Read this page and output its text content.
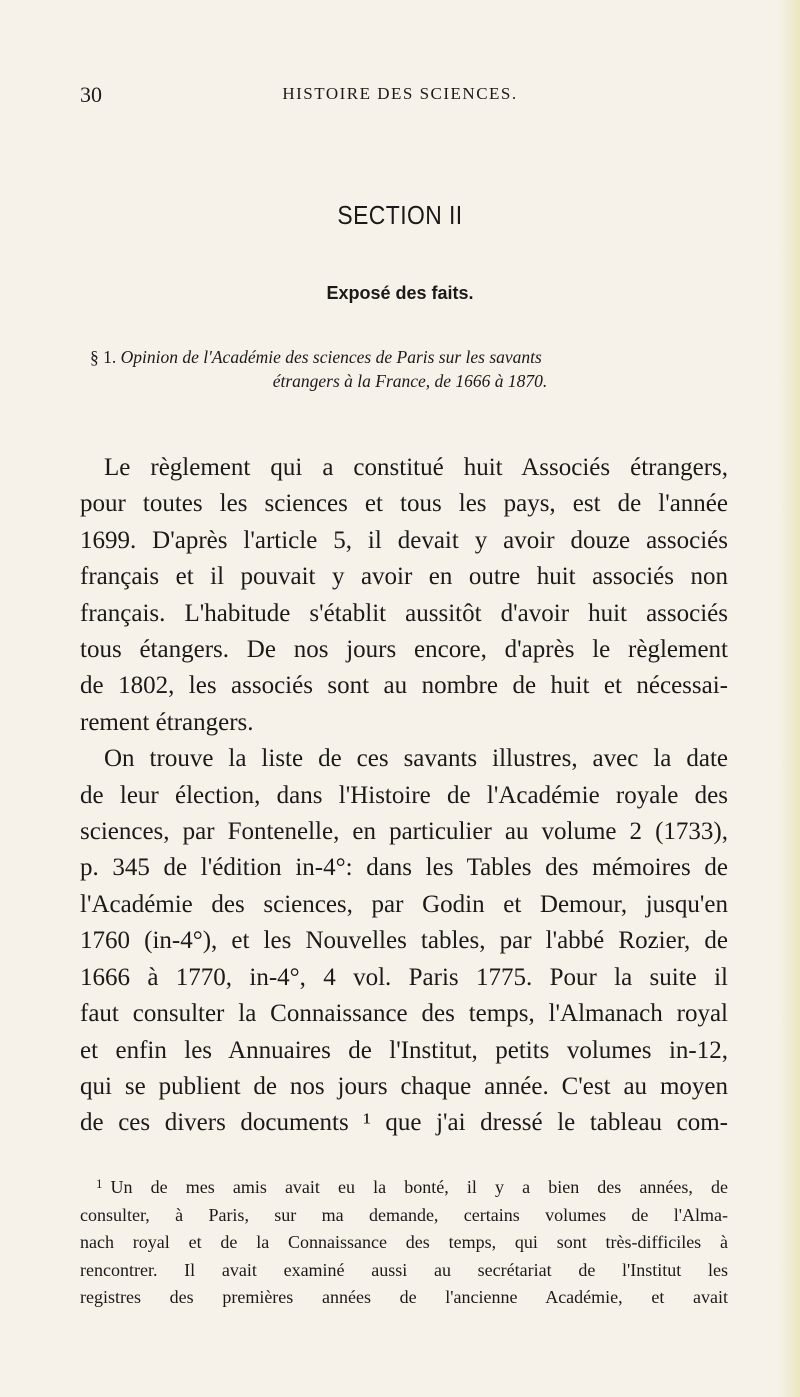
30	HISTOIRE DES SCIENCES.
SECTION II
Exposé des faits.
§ 1. Opinion de l'Académie des sciences de Paris sur les savants
étrangers à la France, de 1666 à 1870.
Le règlement qui a constitué huit Associés étrangers,
pour toutes les sciences et tous les pays, est de l'année
1699. D'après l'article 5, il devait y avoir douze associés
français et il pouvait y avoir en outre huit associés non
français. L'habitude s'établit aussitôt d'avoir huit associés
tous étangers. De nos jours encore, d'après le règlement
de 1802, les associés sont au nombre de huit et nécessai-
rement étrangers.
On trouve la liste de ces savants illustres, avec la date
de leur élection, dans l'Histoire de l'Académie royale des
sciences, par Fontenelle, en particulier au volume 2 (1733),
p. 345 de l'édition in-4°: dans les Tables des mémoires de
l'Académie des sciences, par Godin et Demour, jusqu'en
1760 (in-4°), et les Nouvelles tables, par l'abbé Rozier, de
1666 à 1770, in-4°, 4 vol. Paris 1775. Pour la suite il
faut consulter la Connaissance des temps, l'Almanach royal
et enfin les Annuaires de l'Institut, petits volumes in-12,
qui se publient de nos jours chaque année. C'est au moyen
de ces divers documents ¹ que j'ai dressé le tableau com-
$^1$ Un de mes amis avait eu la bonté, il y a bien des années, de
consulter, à Paris, sur ma demande, certains volumes de l'Alma-
nach royal et de la Connaissance des temps, qui sont très-difficiles à
rencontrer. Il avait examiné aussi au secrétariat de l'Institut les
registres des premières années de l'ancienne Académie, et avait
